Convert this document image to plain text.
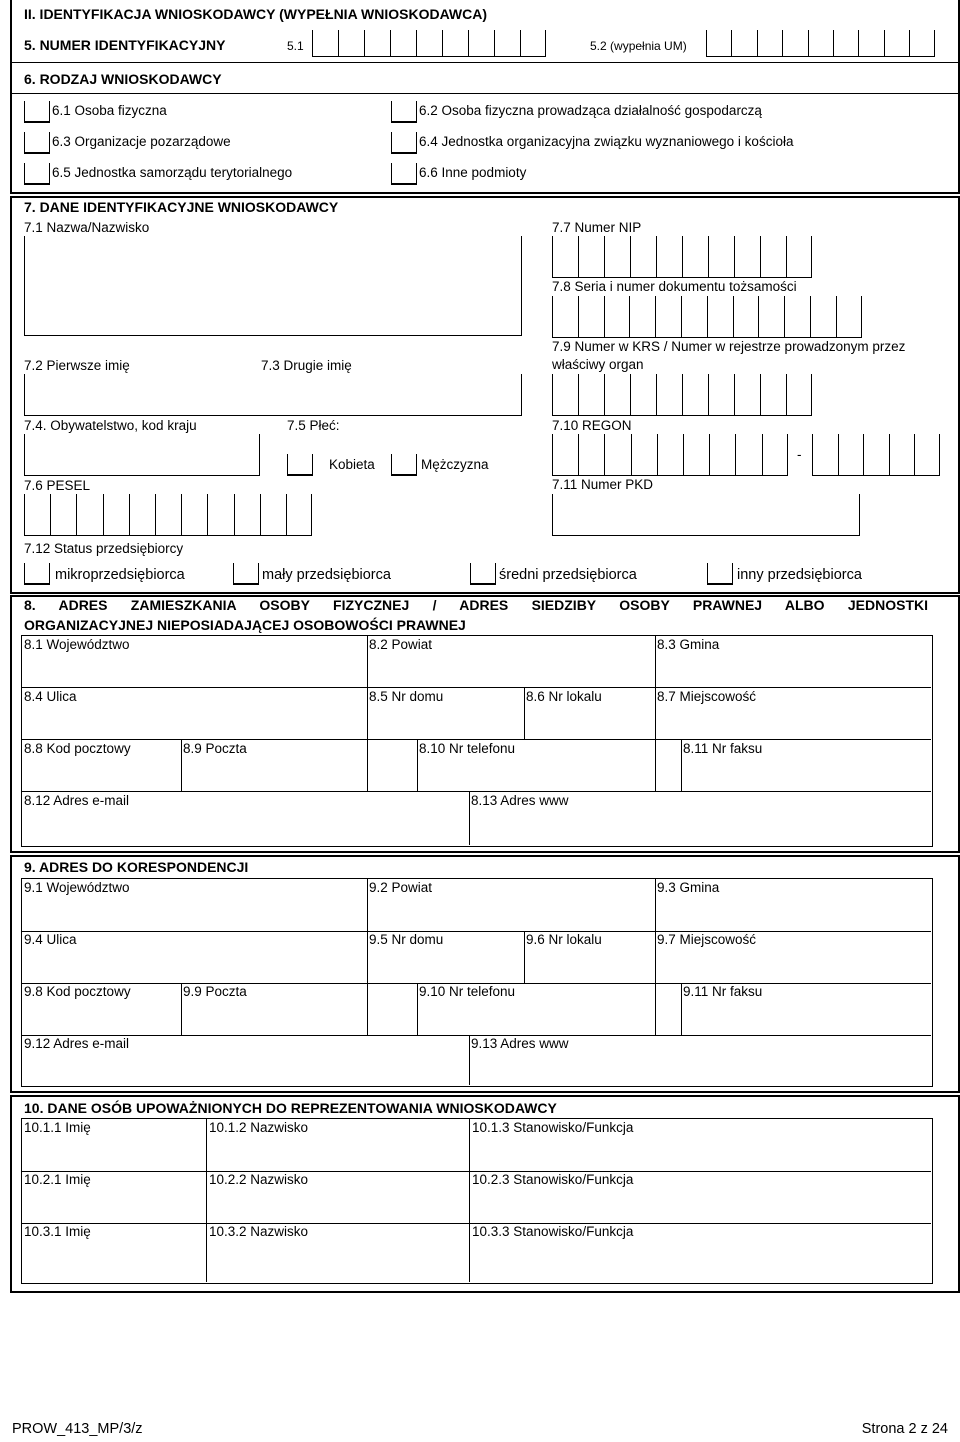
II. IDENTYFIKACJA WNIOSKODAWCY (WYPEŁNIA WNIOSKODAWCA)
5. NUMER IDENTYFIKACYJNY	5.1	5.2 (wypełnia UM)
6. RODZAJ WNIOSKODAWCY
6.1 Osoba fizyczna	6.2 Osoba fizyczna prowadząca działalność gospodarczą
6.3 Organizacje pozarządowe	6.4 Jednostka organizacyjna związku wyznaniowego i kościoła
6.5 Jednostka samorządu terytorialnego	6.6 Inne podmioty
7. DANE IDENTYFIKACYJNE WNIOSKODAWCY
7.1 Nazwa/Nazwisko
7.2 Pierwsze imię	7.3 Drugie imię
7.4. Obywatelstwo, kod kraju	7.5 Płeć:
Kobieta	Mężczyzna
7.6 PESEL
7.7 Numer NIP
7.8 Seria i numer dokumentu tożsamości
7.9 Numer w KRS / Numer w rejestrze prowadzonym przez
właściwy organ
7.10 REGON
-
7.11 Numer PKD
7.12 Status przedsiębiorcy
mikroprzedsiębiorca	mały przedsiębiorca	średni przedsiębiorca	inny przedsiębiorca
8. ADRES ZAMIESZKANIA OSOBY FIZYCZNEJ / ADRES SIEDZIBY OSOBY PRAWNEJ ALBO JEDNOSTKI
ORGANIZACYJNEJ NIEPOSIADAJĄCEJ OSOBOWOŚCI PRAWNEJ
8.1 Województwo	8.2 Powiat	8.3 Gmina
8.4 Ulica	8.5 Nr domu	8.6 Nr lokalu	8.7 Miejscowość
8.8 Kod pocztowy	8.9 Poczta	8.10 Nr telefonu	8.11 Nr faksu
8.12 Adres e-mail	8.13 Adres www
9. ADRES DO KORESPONDENCJI
9.1 Województwo	9.2 Powiat	9.3 Gmina
9.4 Ulica	9.5 Nr domu	9.6 Nr lokalu	9.7 Miejscowość
9.8 Kod pocztowy	9.9 Poczta	9.10 Nr telefonu	9.11 Nr faksu
9.12 Adres e-mail	9.13 Adres www
10. DANE OSÓB UPOWAŻNIONYCH DO REPREZENTOWANIA WNIOSKODAWCY
10.1.1 Imię	10.1.2 Nazwisko	10.1.3 Stanowisko/Funkcja
10.2.1 Imię	10.2.2 Nazwisko	10.2.3 Stanowisko/Funkcja
10.3.1 Imię	10.3.2 Nazwisko	10.3.3 Stanowisko/Funkcja
PROW_413_MP/3/z	Strona 2 z 24
